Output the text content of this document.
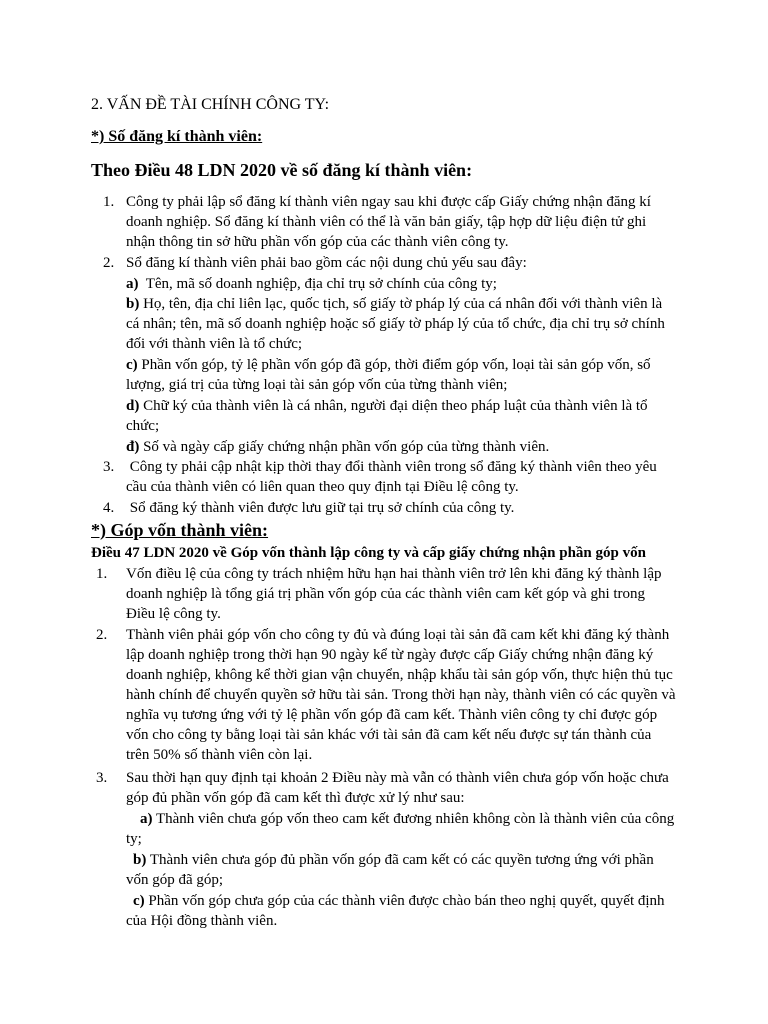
2. VẤN ĐỀ TÀI CHÍNH CÔNG TY:
*) Số đăng kí thành viên:
Theo Điều 48 LDN 2020 về số đăng kí thành viên:
1. Công ty phải lập sổ đăng kí thành viên ngay sau khi được cấp Giấy chứng nhận đăng kí
doanh nghiệp. Sổ đăng kí thành viên có thể là văn bản giấy, tập hợp dữ liệu điện tử ghi
nhận thông tin sở hữu phần vốn góp của các thành viên công ty.
2. Sổ đăng kí thành viên phải bao gồm các nội dung chủ yếu sau đây:
a)  Tên, mã số doanh nghiệp, địa chỉ trụ sở chính của công ty;
b) Họ, tên, địa chỉ liên lạc, quốc tịch, số giấy tờ pháp lý của cá nhân đối với thành viên là
cá nhân; tên, mã số doanh nghiệp hoặc số giấy tờ pháp lý của tổ chức, địa chỉ trụ sở chính
đối với thành viên là tổ chức;
c) Phần vốn góp, tỷ lệ phần vốn góp đã góp, thời điểm góp vốn, loại tài sản góp vốn, số
lượng, giá trị của từng loại tài sản góp vốn của từng thành viên;
d) Chữ ký của thành viên là cá nhân, người đại diện theo pháp luật của thành viên là tổ
chức;
đ) Số và ngày cấp giấy chứng nhận phần vốn góp của từng thành viên.
3. Công ty phải cập nhật kịp thời thay đổi thành viên trong sổ đăng ký thành viên theo yêu
cầu của thành viên có liên quan theo quy định tại Điều lệ công ty.
4. Sổ đăng ký thành viên được lưu giữ tại trụ sở chính của công ty.
*) Góp vốn thành viên:
Điều 47 LDN 2020 về Góp vốn thành lập công ty và cấp giấy chứng nhận phần góp vốn
1. Vốn điều lệ của công ty trách nhiệm hữu hạn hai thành viên trở lên khi đăng ký thành lập
doanh nghiệp là tổng giá trị phần vốn góp của các thành viên cam kết góp và ghi trong
Điều lệ công ty.
2. Thành viên phải góp vốn cho công ty đủ và đúng loại tài sản đã cam kết khi đăng ký thành
lập doanh nghiệp trong thời hạn 90 ngày kể từ ngày được cấp Giấy chứng nhận đăng ký
doanh nghiệp, không kể thời gian vận chuyển, nhập khẩu tài sản góp vốn, thực hiện thủ tục
hành chính để chuyển quyền sở hữu tài sản. Trong thời hạn này, thành viên có các quyền và
nghĩa vụ tương ứng với tỷ lệ phần vốn góp đã cam kết. Thành viên công ty chỉ được góp
vốn cho công ty bằng loại tài sản khác với tài sản đã cam kết nếu được sự tán thành của
trên 50% số thành viên còn lại.
3. Sau thời hạn quy định tại khoản 2 Điều này mà vẫn có thành viên chưa góp vốn hoặc chưa
góp đủ phần vốn góp đã cam kết thì được xử lý như sau:
a) Thành viên chưa góp vốn theo cam kết đương nhiên không còn là thành viên của công
ty;
b) Thành viên chưa góp đủ phần vốn góp đã cam kết có các quyền tương ứng với phần
vốn góp đã góp;
c) Phần vốn góp chưa góp của các thành viên được chào bán theo nghị quyết, quyết định
của Hội đồng thành viên.
